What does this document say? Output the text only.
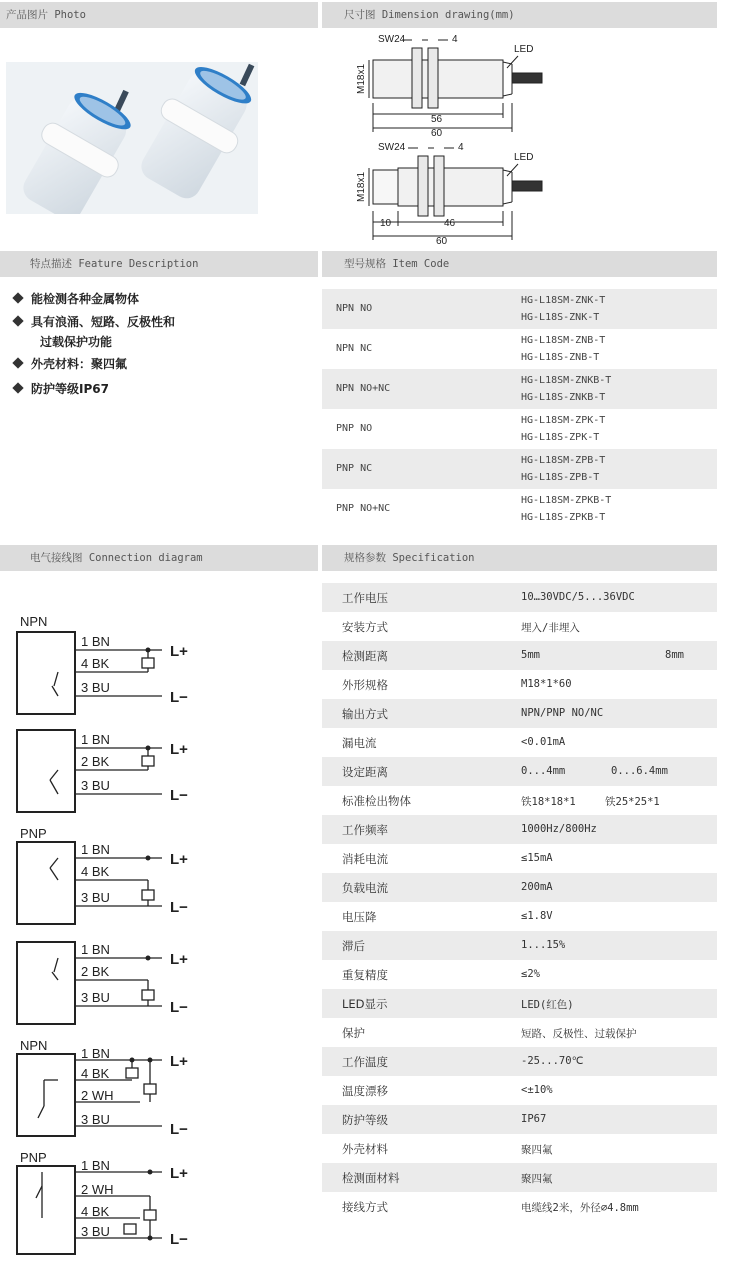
产品图片 Photo	尺寸图 Dimension drawing(mm)
SW24	4
LED
M18x1
56
60
SW24	4
LED
M18x1
10	46
60
特点描述 Feature Description	型号规格 Item Code
能检测各种金属物体
具有浪涌、短路、反极性和
过载保护功能
外壳材料：聚四氟
防护等级IP67
NPN NO
HG-L18SM-ZNK-T
HG-L18S-ZNK-T
NPN NC
HG-L18SM-ZNB-T
HG-L18S-ZNB-T
NPN NO+NC
HG-L18SM-ZNKB-T
HG-L18S-ZNKB-T
PNP NO
HG-L18SM-ZPK-T
HG-L18S-ZPK-T
PNP NC
HG-L18SM-ZPB-T
HG-L18S-ZPB-T
PNP NO+NC
HG-L18SM-ZPKB-T
HG-L18S-ZPKB-T
电气接线图 Connection diagram	规格参数 Specification
NPN
1 BN
4 BK
3 BU
L+
L−
1 BN
2 BK
3 BU
L+
L−
PNP
1 BN
4 BK
3 BU
L+
L−
1 BN
2 BK
3 BU
L+
L−
NPN
1 BN
4 BK
2 WH
3 BU
L+
L−
PNP
1 BN
2 WH
4 BK
3 BU
L+
L−
工作电压	10…30VDC/5...36VDC
安装方式	埋入/非埋入
检测距离	5mm	8mm
外形规格	M18*1*60
输出方式	NPN/PNP NO/NC
漏电流	<0.01mA
设定距离	0...4mm	0...6.4mm
标准检出物体	铁18*18*1	铁25*25*1
工作频率	1000Hz/800Hz
消耗电流	≤15mA
负载电流	200mA
电压降	≤1.8V
滞后	1...15%
重复精度	≤2%
LED显示	LED(红色)
保护	短路、反极性、过载保护
工作温度	-25...70℃
温度漂移	<±10%
防护等级	IP67
外壳材料	聚四氟
检测面材料	聚四氟
接线方式	电缆线2米，外径∅4.8mm
